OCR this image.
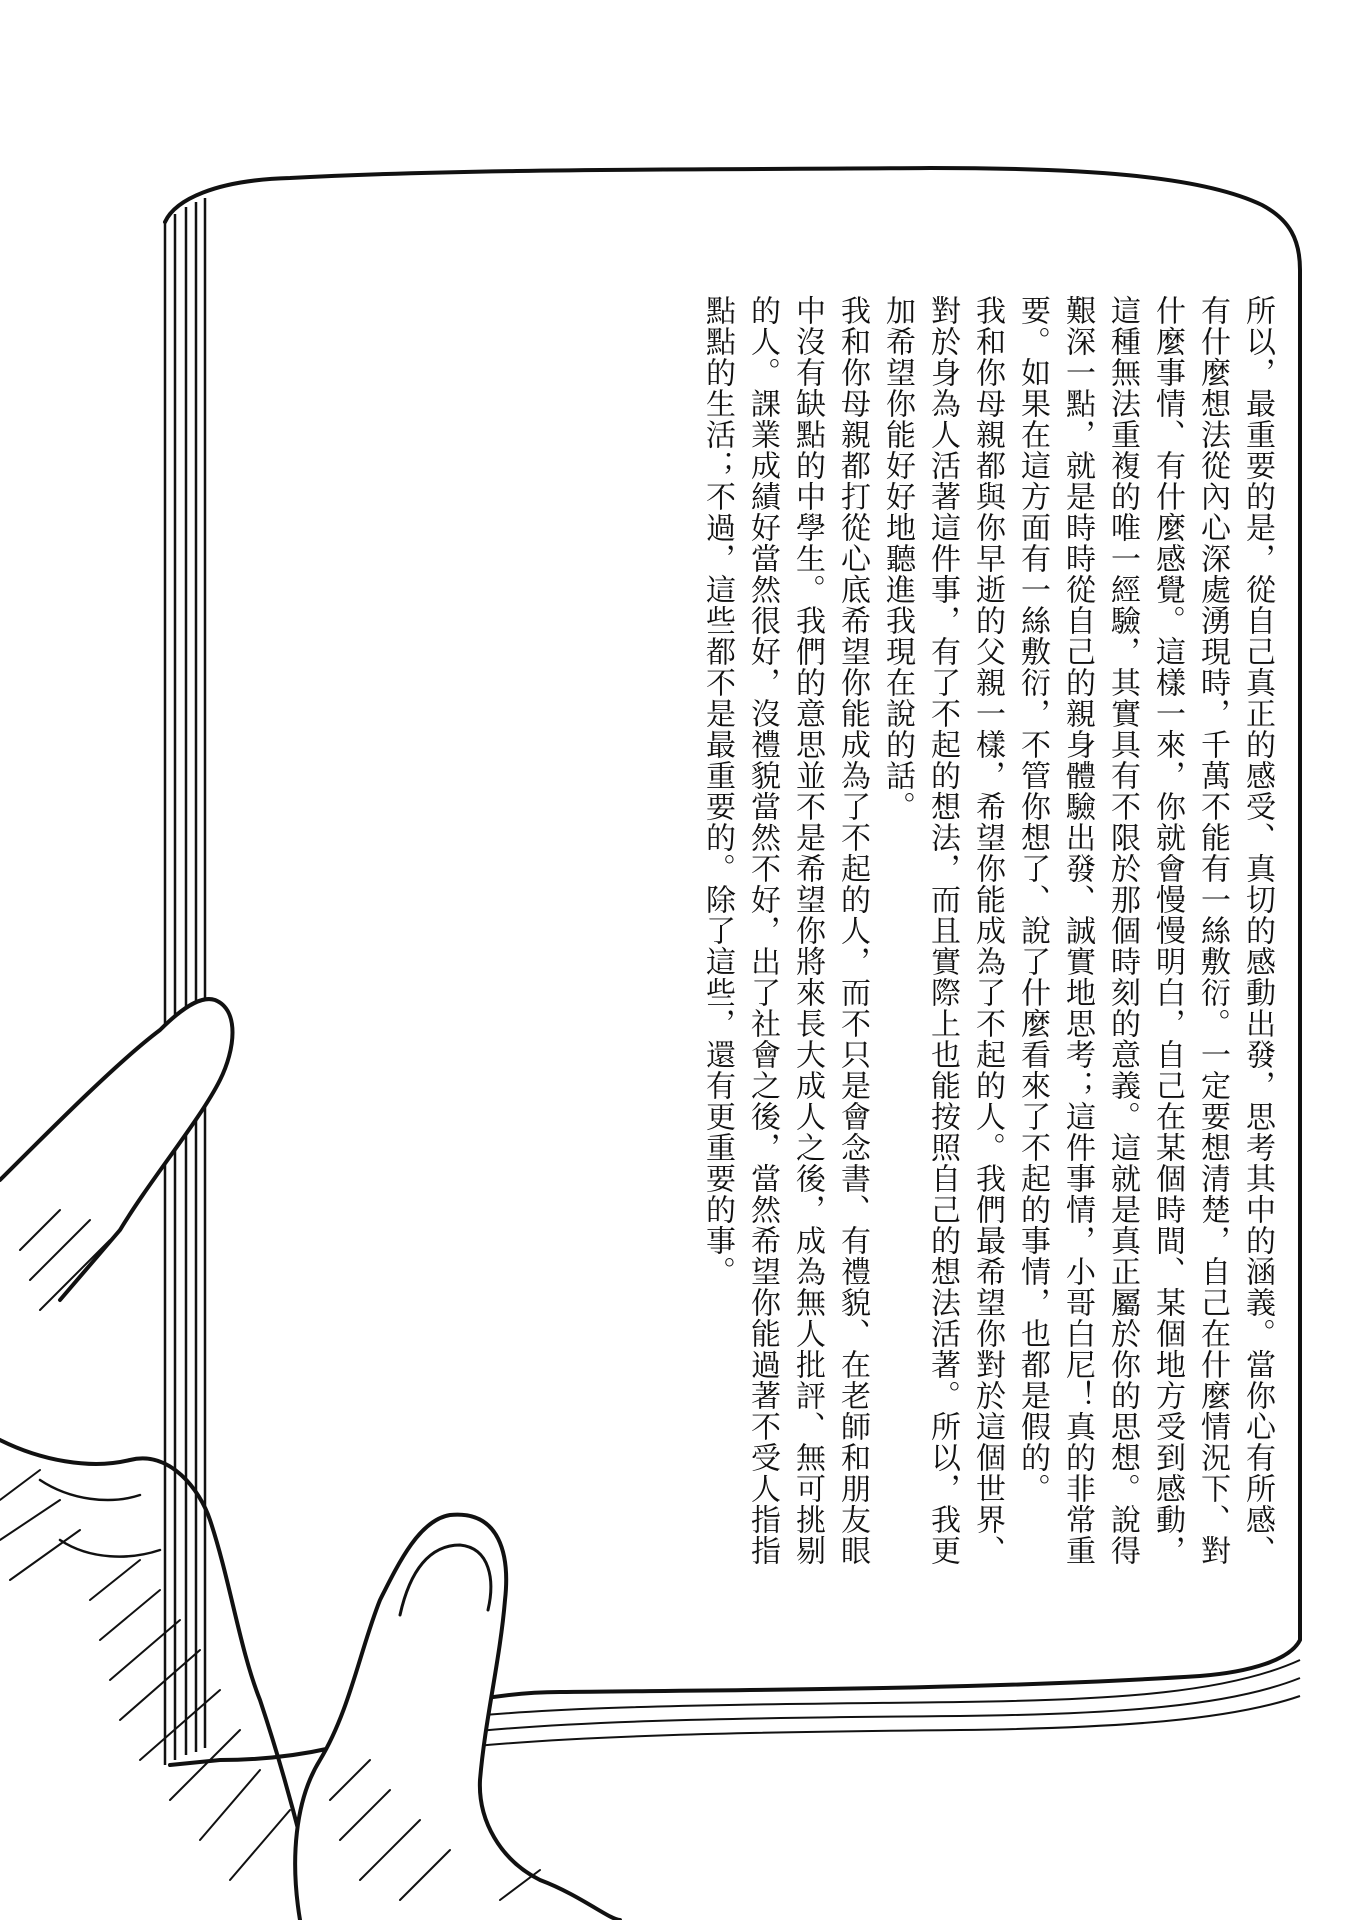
所以，最重要的是，從自己真正的感受、真切的感動出發，思考其中的涵義。當你心有所感、有什麼想法從內心深處湧現時，千萬不能有一絲敷衍。一定要想清楚，自己在什麼情況下、對什麼事情、有什麼感覺。這樣一來，你就會慢慢明白，自己在某個時間、某個地方受到感動，這種無法重複的唯一經驗，其實具有不限於那個時刻的意義。這就是真正屬於你的思想。說得艱深一點，就是時時從自己的親身體驗出發、誠實地思考；這件事情，小哥白尼！真的非常重要。如果在這方面有一絲敷衍，不管你想了、說了什麼看來了不起的事情，也都是假的。

我和你母親都與你早逝的父親一樣，希望你能成為了不起的人。我們最希望你對於這個世界、對於身為人活著這件事，有了不起的想法，而且實際上也能按照自己的想法活著。所以，我更加希望你能好好地聽進我現在說的話。

我和你母親都打從心底希望你能成為了不起的人，而不只是會念書、有禮貌、在老師和朋友眼中沒有缺點的中學生。我們的意思並不是希望你將來長大成人之後，成為無人批評、無可挑剔的人。課業成績好當然很好，沒禮貌當然不好，出了社會之後，當然希望你能過著不受人指指點點的生活；不過，這些都不是最重要的。除了這些，還有更重要的事。
